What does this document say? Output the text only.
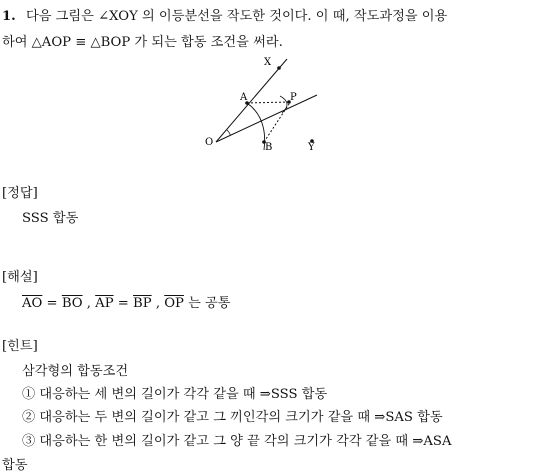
1. 다음 그림은 ∠XOY 의 이등분선을 작도한 것이다. 이 때, 작도과정을 이용
하여 △AOP ≡ △BOP 가 되는 합동 조건을 써라.
X
A	P
O	B	Y
[정답]
SSS 합동
[해설]
$\overline{AO} = \overline{BO}$ , $\overline{AP} = \overline{BP}$ , $\overline{OP}$ 는 공통
[힌트]
삼각형의 합동조건
① 대응하는 세 변의 길이가 각각 같을 때 ⇒SSS 합동
② 대응하는 두 변의 길이가 같고 그 끼인각의 크기가 같을 때 ⇒SAS 합동
③ 대응하는 한 변의 길이가 같고 그 양 끝 각의 크기가 각각 같을 때 ⇒ASA
합동
